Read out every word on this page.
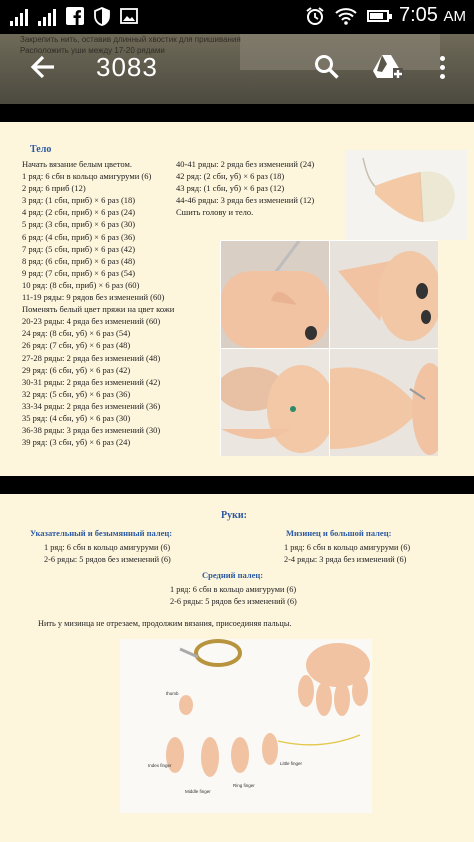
7:05 AM
Закрепить нить, оставив длинный хвостик для пришивания
Расположить уши между 17-20 рядами
3083
Тело
Начать вязание белым цветом.
1 ряд: 6 сбн в кольцо амигуруми (6)
2 ряд: 6 приб (12)
3 ряд: (1 сбн, приб) × 6 раз (18)
4 ряд: (2 сбн, приб) × 6 раз (24)
5 ряд: (3 сбн, приб) × 6 раз (30)
6 ряд: (4 сбн, приб) × 6 раз (36)
7 ряд: (5 сбн, приб) × 6 раз (42)
8 ряд: (6 сбн, приб) × 6 раз (48)
9 ряд: (7 сбн, приб) × 6 раз (54)
10 ряд: (8 сбн, приб) × 6 раз (60)
11-19 ряды: 9 рядов без изменений (60)
Поменять белый цвет пряжи на цвет кожи
20-23 ряды: 4 ряда без изменений (60)
24 ряд: (8 сбн, уб) × 6 раз (54)
26 ряд: (7 сбн, уб) × 6 раз (48)
27-28 ряды: 2 ряда без изменений (48)
29 ряд: (6 сбн, уб) × 6 раз (42)
30-31 ряды: 2 ряда без изменений (42)
32 ряд: (5 сбн, уб) × 6 раз (36)
33-34 ряды: 2 ряда без изменений (36)
35 ряд: (4 сбн, уб) × 6 раз (30)
36-38 ряды: 3 ряда без изменений (30)
39 ряд: (3 сбн, уб) × 6 раз (24)
40-41 ряды: 2 ряда без изменений (24)
42 ряд: (2 сбн, уб) × 6 раз (18)
43 ряд: (1 сбн, уб) × 6 раз (12)
44-46 ряды: 3 ряда без изменений (12)
Сшить голову и тело.
Руки:
Указательный и безымянный палец:
1 ряд: 6 сбн в кольцо амигуруми (6)
2-6 ряды: 5 рядов без изменений (6)
Мизинец и большой палец:
1 ряд: 6 сбн в кольцо амигуруми (6)
2-4 ряды: 3 ряда без изменений (6)
Средний палец:
1 ряд: 6 сбн в кольцо амигуруми (6)
2-6 ряды: 5 рядов без изменений (6)
Нить у мизинца не отрезаем, продолжим вязания, присоединяя пальцы.
thumb
Index finger
Middle finger
Ring finger
Little finger
